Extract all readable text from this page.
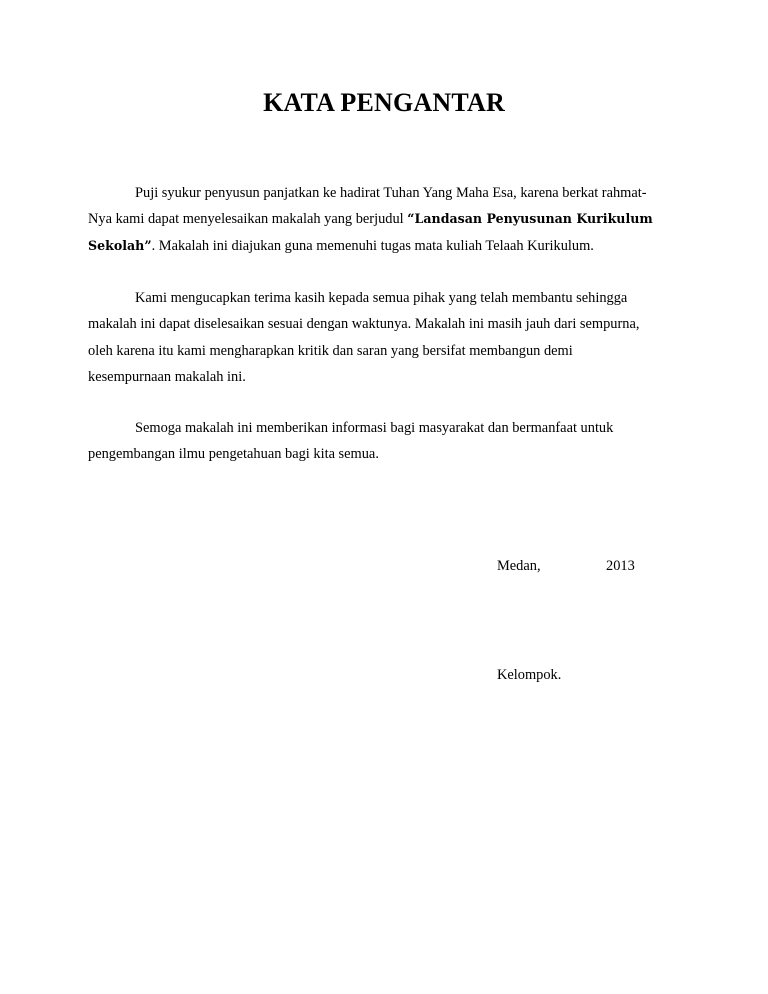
KATA PENGANTAR
Puji syukur penyusun panjatkan ke hadirat Tuhan Yang Maha Esa, karena berkat rahmat-
Nya kami dapat menyelesaikan makalah yang berjudul “Landasan Penyusunan Kurikulum
Sekolah”. Makalah ini diajukan guna memenuhi tugas mata kuliah Telaah Kurikulum.
Kami mengucapkan terima kasih kepada semua pihak yang telah membantu sehingga
makalah ini dapat diselesaikan sesuai dengan waktunya. Makalah ini masih jauh dari sempurna,
oleh karena itu kami mengharapkan kritik dan saran yang bersifat membangun demi
kesempurnaan makalah ini.
Semoga makalah ini memberikan informasi bagi masyarakat dan bermanfaat untuk
pengembangan ilmu pengetahuan bagi kita semua.

Medan,	2013

Kelompok.
